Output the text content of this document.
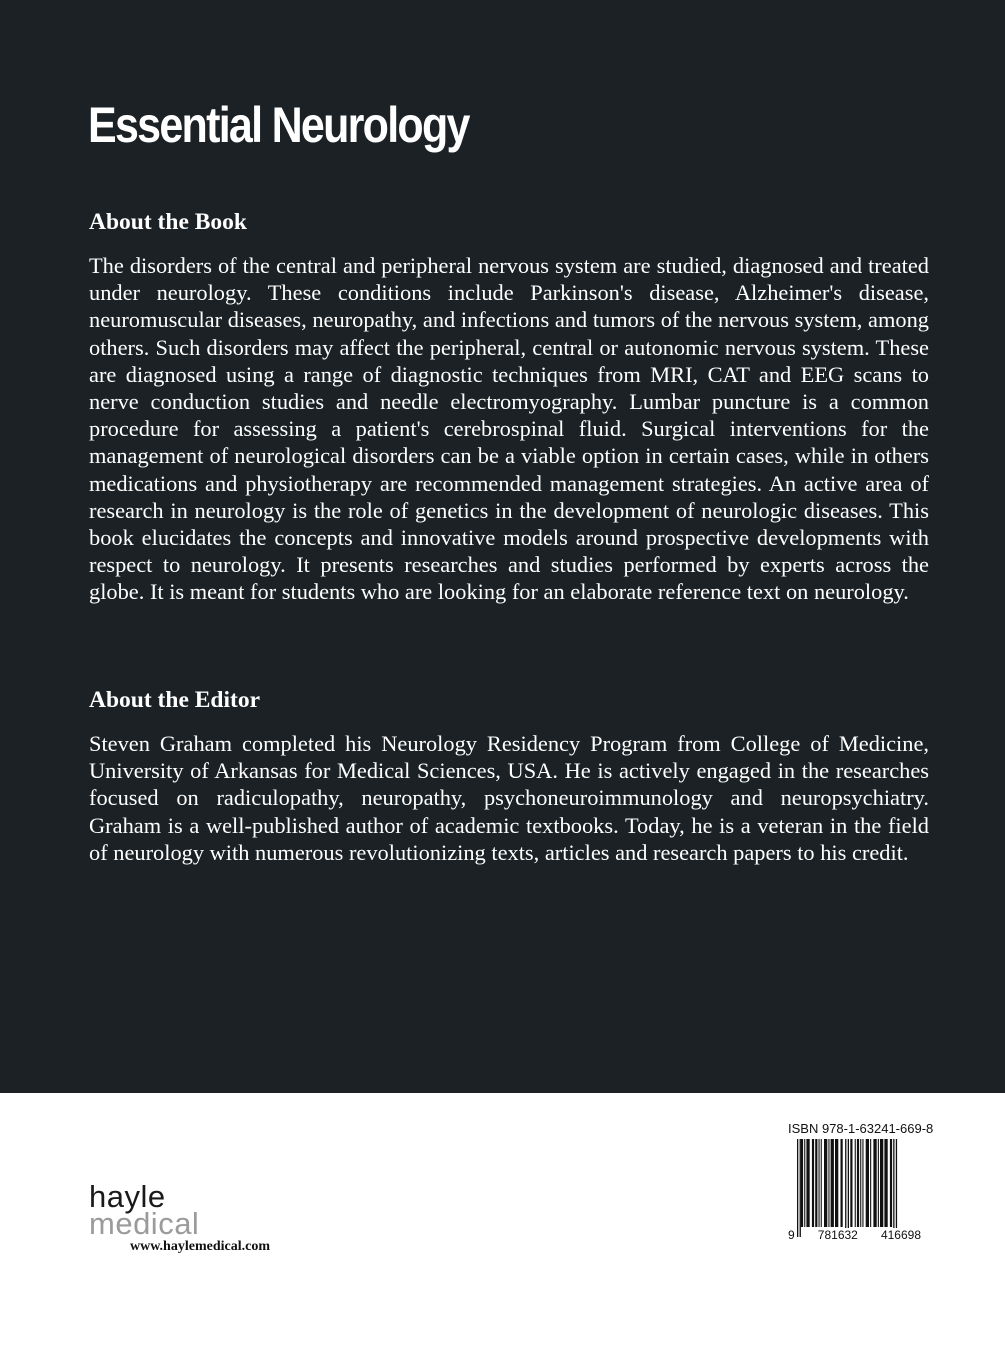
Essential Neurology
About the Book

The disorders of the central and peripheral nervous system are studied, diagnosed and treated under neurology. These conditions include Parkinson's disease, Alzheimer's disease, neuromuscular diseases, neuropathy, and infections and tumors of the nervous system, among others. Such disorders may affect the peripheral, central or autonomic nervous system. These are diagnosed using a range of diagnostic techniques from MRI, CAT and EEG scans to nerve conduction studies and needle electromyography. Lumbar puncture is a common procedure for assessing a patient's cerebrospinal fluid. Surgical interventions for the management of neurological disorders can be a viable option in certain cases, while in others medications and physiotherapy are recommended management strategies. An active area of research in neurology is the role of genetics in the development of neurologic diseases. This book elucidates the concepts and innovative models around prospective developments with respect to neurology. It presents researches and studies performed by experts across the globe. It is meant for students who are looking for an elaborate reference text on neurology.

About the Editor

Steven Graham completed his Neurology Residency Program from College of Medicine, University of Arkansas for Medical Sciences, USA. He is actively engaged in the researches focused on radiculopathy, neuropathy, psychoneuroimmunology and neuropsychiatry. Graham is a well-published author of academic textbooks. Today, he is a veteran in the field of neurology with numerous revolutionizing texts, articles and research papers to his credit.

hayle
medical
www.haylemedical.com
ISBN 978-1-63241-669-8
9 781632 416698
